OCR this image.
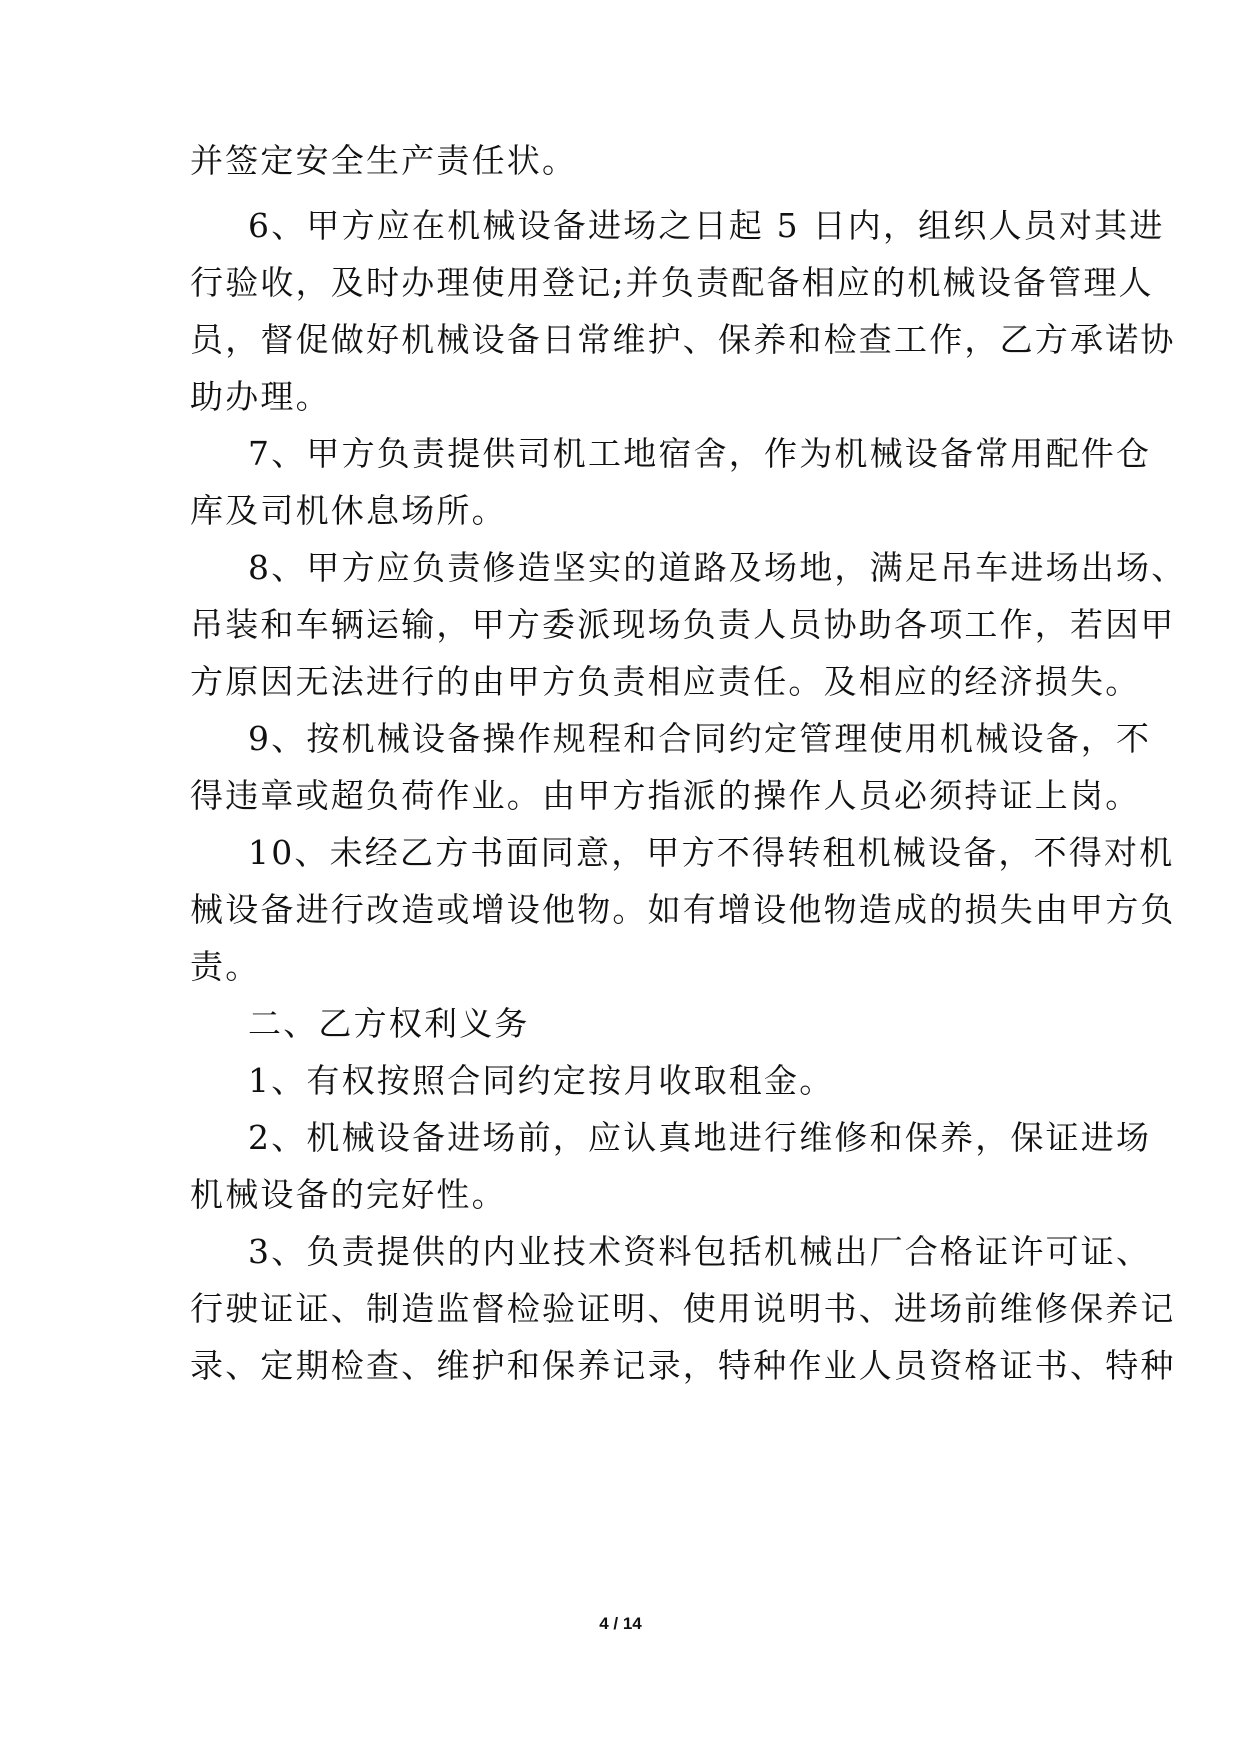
并签定安全生产责任状。

6、甲方应在机械设备进场之日起 5 日内，组织人员对其进

行验收，及时办理使用登记;并负责配备相应的机械设备管理人

员，督促做好机械设备日常维护、保养和检查工作，乙方承诺协

助办理。

7、甲方负责提供司机工地宿舍，作为机械设备常用配件仓

库及司机休息场所。

8、甲方应负责修造坚实的道路及场地，满足吊车进场出场、

吊装和车辆运输，甲方委派现场负责人员协助各项工作，若因甲

方原因无法进行的由甲方负责相应责任。及相应的经济损失。

9、按机械设备操作规程和合同约定管理使用机械设备，不

得违章或超负荷作业。由甲方指派的操作人员必须持证上岗。

10、未经乙方书面同意，甲方不得转租机械设备，不得对机

械设备进行改造或增设他物。如有增设他物造成的损失由甲方负

责。

二、乙方权利义务

1、有权按照合同约定按月收取租金。

2、机械设备进场前，应认真地进行维修和保养，保证进场

机械设备的完好性。

3、负责提供的内业技术资料包括机械出厂合格证许可证、

行驶证证、制造监督检验证明、使用说明书、进场前维修保养记

录、定期检查、维护和保养记录，特种作业人员资格证书、特种

4 / 14
